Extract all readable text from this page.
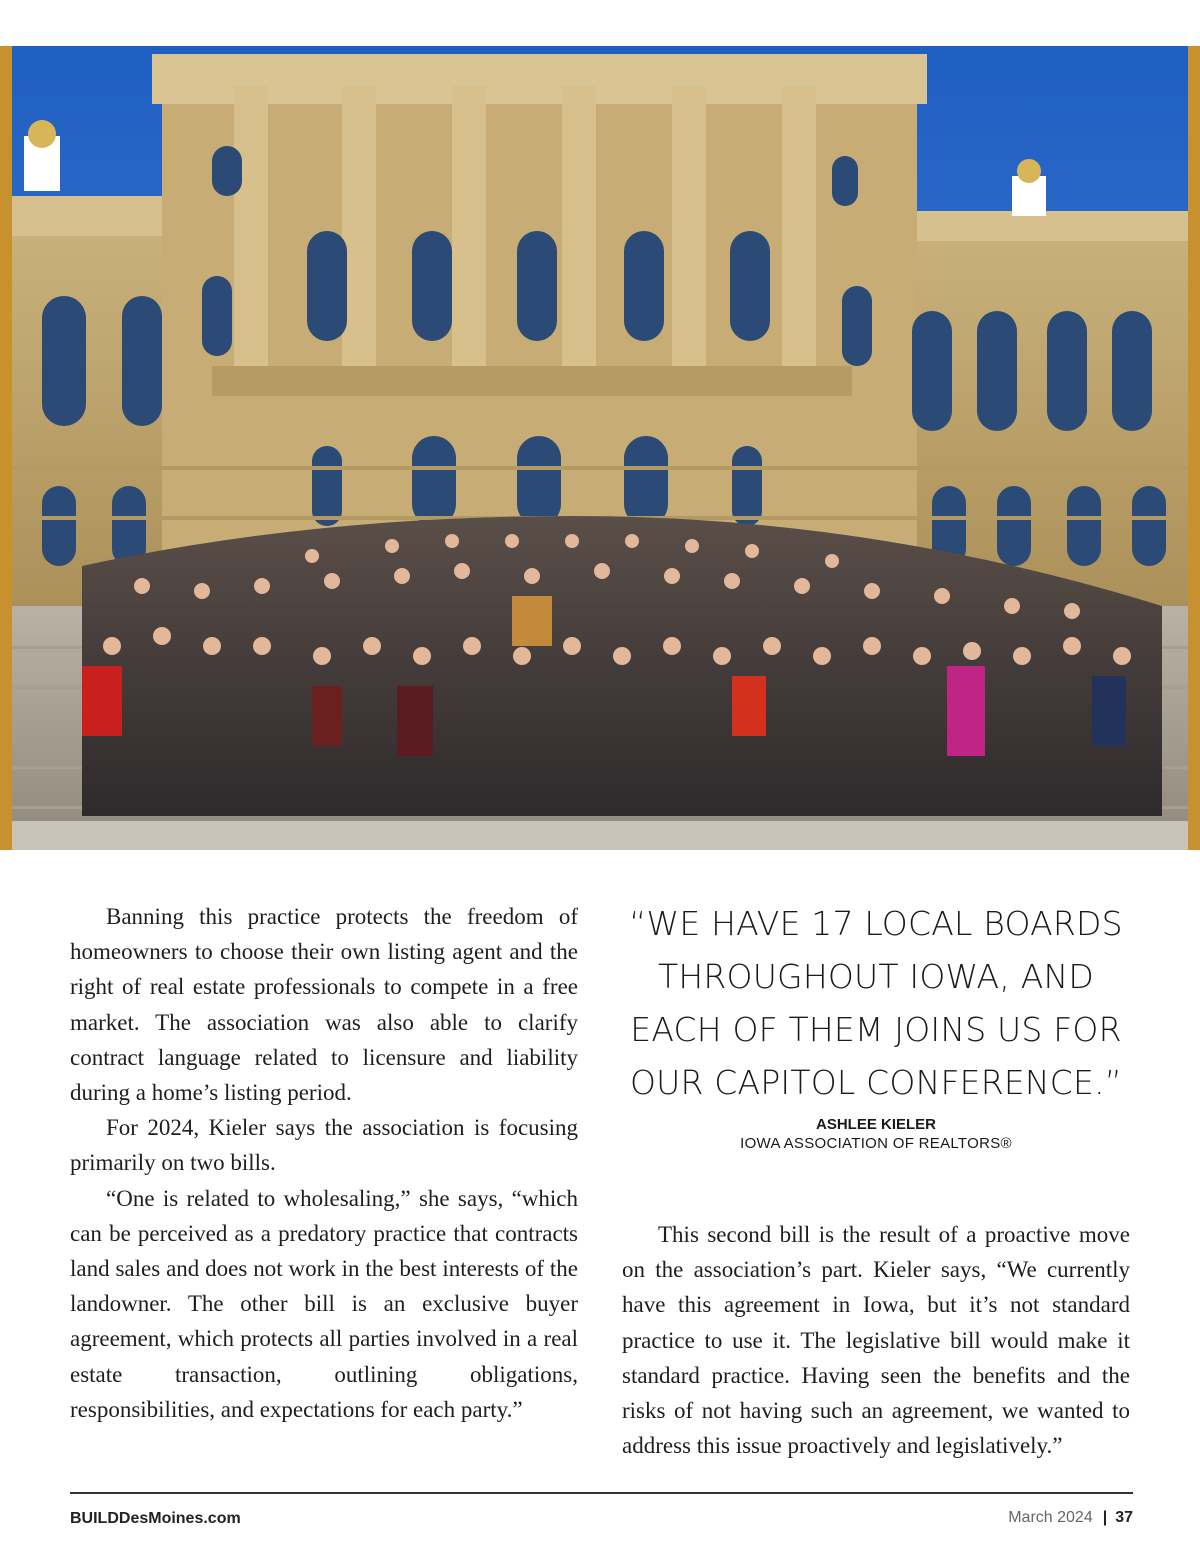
Banning this practice protects the freedom of homeowners to choose their own listing agent and the right of real estate professionals to compete in a free market. The association was also able to clarify contract language related to licensure and liability during a home’s listing period.

For 2024, Kieler says the association is focusing primarily on two bills.

“One is related to wholesaling,” she says, “which can be perceived as a predatory practice that contracts land sales and does not work in the best interests of the landowner. The other bill is an exclusive buyer agreement, which protects all parties involved in a real estate transaction, outlining obligations, responsibilities, and expectations for each party.”

“WE HAVE 17 LOCAL BOARDS THROUGHOUT IOWA, AND EACH OF THEM JOINS US FOR OUR CAPITOL CONFERENCE.”
ASHLEE KIELER
IOWA ASSOCIATION OF REALTORS®

This second bill is the result of a proactive move on the association’s part. Kieler says, “We currently have this agreement in Iowa, but it’s not standard practice to use it. The legislative bill would make it standard practice. Having seen the benefits and the risks of not having such an agreement, we wanted to address this issue proactively and legislatively.”

BUILDDesMoines.com	March 2024 | 37
